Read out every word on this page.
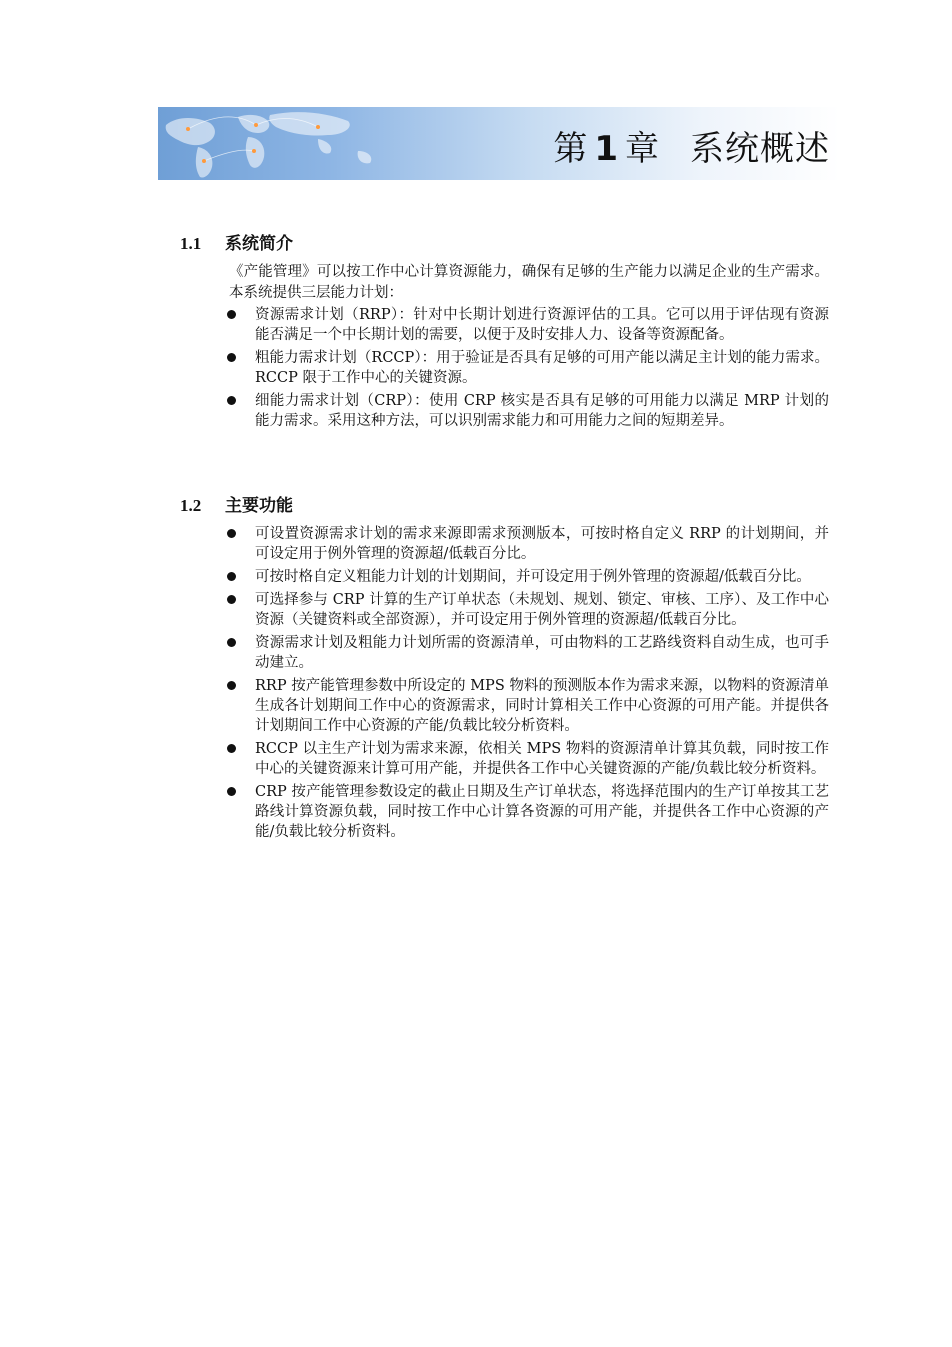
第 1 章 系统概述
1.1 系统简介
《产能管理》可以按工作中心计算资源能力，确保有足够的生产能力以满足企业的生产需求。本系统提供三层能力计划：
资源需求计划（RRP）：针对中长期计划进行资源评估的工具。它可以用于评估现有资源能否满足一个中长期计划的需要，以便于及时安排人力、设备等资源配备。
粗能力需求计划（RCCP）：用于验证是否具有足够的可用产能以满足主计划的能力需求。RCCP 限于工作中心的关键资源。
细能力需求计划（CRP）：使用 CRP 核实是否具有足够的可用能力以满足 MRP 计划的能力需求。采用这种方法，可以识别需求能力和可用能力之间的短期差异。
1.2 主要功能
可设置资源需求计划的需求来源即需求预测版本，可按时格自定义 RRP 的计划期间，并可设定用于例外管理的资源超/低载百分比。
可按时格自定义粗能力计划的计划期间，并可设定用于例外管理的资源超/低载百分比。
可选择参与 CRP 计算的生产订单状态（未规划、规划、锁定、审核、工序）、及工作中心资源（关键资料或全部资源），并可设定用于例外管理的资源超/低载百分比。
资源需求计划及粗能力计划所需的资源清单，可由物料的工艺路线资料自动生成，也可手动建立。
RRP 按产能管理参数中所设定的 MPS 物料的预测版本作为需求来源，以物料的资源清单生成各计划期间工作中心的资源需求，同时计算相关工作中心资源的可用产能。并提供各计划期间工作中心资源的产能/负载比较分析资料。
RCCP 以主生产计划为需求来源，依相关 MPS 物料的资源清单计算其负载，同时按工作中心的关键资源来计算可用产能，并提供各工作中心关键资源的产能/负载比较分析资料。
CRP 按产能管理参数设定的截止日期及生产订单状态，将选择范围内的生产订单按其工艺路线计算资源负载，同时按工作中心计算各资源的可用产能，并提供各工作中心资源的产能/负载比较分析资料。
